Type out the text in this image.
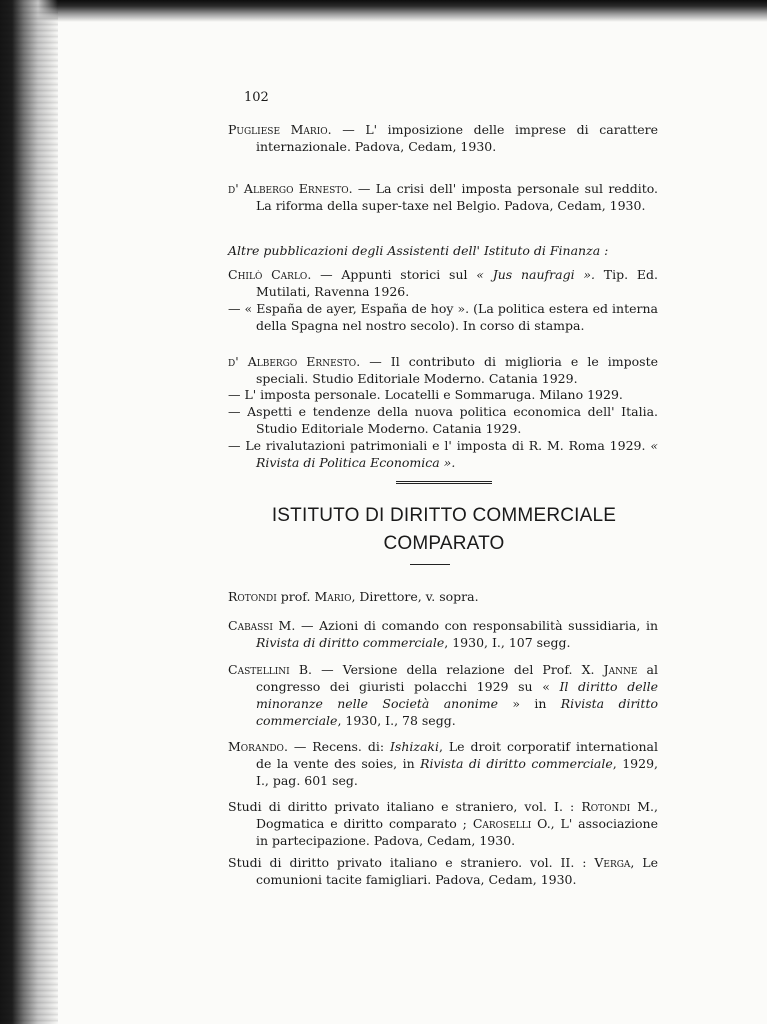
102

Pugliese Mario. — L' imposizione delle imprese di carattere internazionale. Padova, Cedam, 1930.

d' Albergo Ernesto. — La crisi dell' imposta personale sul reddito. La riforma della super-taxe nel Belgio. Padova, Cedam, 1930.

Altre pubblicazioni degli Assistenti dell' Istituto di Finanza :

Chilò Carlo. — Appunti storici sul « Jus naufragi ». Tip. Ed. Mutilati, Ravenna 1926.

— « España de ayer, España de hoy ». (La politica estera ed interna della Spagna nel nostro secolo). In corso di stampa.

d' Albergo Ernesto. — Il contributo di miglioria e le imposte speciali. Studio Editoriale Moderno. Catania 1929.

— L' imposta personale. Locatelli e Sommaruga. Milano 1929.

— Aspetti e tendenze della nuova politica economica dell' Italia. Studio Editoriale Moderno. Catania 1929.

— Le rivalutazioni patrimoniali e l' imposta di R. M. Roma 1929. « Rivista di Politica Economica ».

ISTITUTO DI DIRITTO COMMERCIALE
COMPARATO

Rotondi prof. Mario, Direttore, v. sopra.

Cabassi M. — Azioni di comando con responsabilità sussidiaria, in Rivista di diritto commerciale, 1930, I., 107 segg.

Castellini B. — Versione della relazione del Prof. X. Janne al congresso dei giuristi polacchi 1929 su « Il diritto delle minoranze nelle Società anonime » in Rivista diritto commerciale, 1930, I., 78 segg.

Morando. — Recens. di: Ishizaki, Le droit corporatif international de la vente des soies, in Rivista di diritto commerciale, 1929, I., pag. 601 seg.

Studi di diritto privato italiano e straniero, vol. I. : Rotondi M., Dogmatica e diritto comparato ; Caroselli O., L' associazione in partecipazione. Padova, Cedam, 1930.

Studi di diritto privato italiano e straniero. vol. II. : Verga, Le comunioni tacite famigliari. Padova, Cedam, 1930.
